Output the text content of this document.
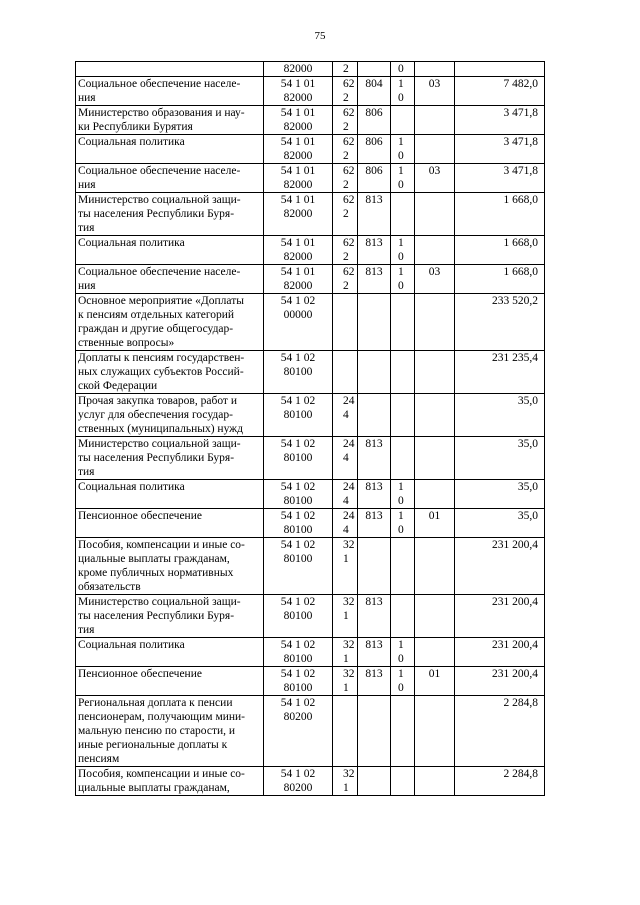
75

	82000	2		0		

Социальное обеспечение населе-
ния	54 1 01
82000	62
2	804	1
0	03	7 482,0

Министерство образования и нау-
ки Республики Бурятия	54 1 01
82000	62
2	806			3 471,8

Социальная политика	54 1 01
82000	62
2	806	1
0		3 471,8

Социальное обеспечение населе-
ния	54 1 01
82000	62
2	806	1
0	03	3 471,8

Министерство социальной защи-
ты населения Республики Буря-
тия	54 1 01
82000	62
2	813			1 668,0

Социальная политика	54 1 01
82000	62
2	813	1
0		1 668,0

Социальное обеспечение населе-
ния	54 1 01
82000	62
2	813	1
0	03	1 668,0

Основное мероприятие «Доплаты
к пенсиям отдельных категорий
граждан и другие общегосудар-
ственные вопросы»	54 1 02
00000					233 520,2

Доплаты к пенсиям государствен-
ных служащих субъектов Россий-
ской Федерации	54 1 02
80100					231 235,4

Прочая закупка товаров, работ и
услуг для обеспечения государ-
ственных (муниципальных) нужд	54 1 02
80100	24
4				35,0

Министерство социальной защи-
ты населения Республики Буря-
тия	54 1 02
80100	24
4	813			35,0

Социальная политика	54 1 02
80100	24
4	813	1
0		35,0

Пенсионное обеспечение	54 1 02
80100	24
4	813	1
0	01	35,0

Пособия, компенсации и иные со-
циальные выплаты гражданам,
кроме публичных нормативных
обязательств	54 1 02
80100	32
1				231 200,4

Министерство социальной защи-
ты населения Республики Буря-
тия	54 1 02
80100	32
1	813			231 200,4

Социальная политика	54 1 02
80100	32
1	813	1
0		231 200,4

Пенсионное обеспечение	54 1 02
80100	32
1	813	1
0	01	231 200,4

Региональная доплата к пенсии
пенсионерам, получающим мини-
мальную пенсию по старости, и
иные региональные доплаты к
пенсиям	54 1 02
80200					2 284,8

Пособия, компенсации и иные со-
циальные выплаты гражданам,	54 1 02
80200	32
1				2 284,8
